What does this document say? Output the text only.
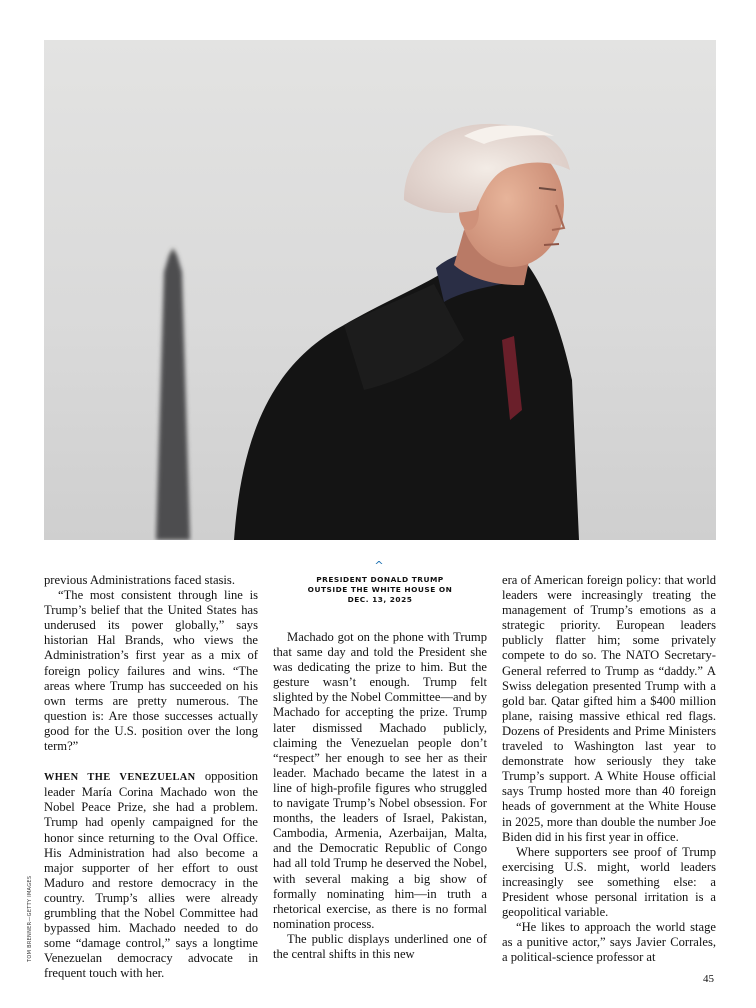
TOM BRENNER—GETTY IMAGES
^
PRESIDENT DONALD TRUMP
OUTSIDE THE WHITE HOUSE ON
DEC. 13, 2025

previous Administrations faced stasis.

“The most consistent through line is Trump’s belief that the United States has underused its power globally,” says historian Hal Brands, who views the Administration’s first year as a mix of foreign policy failures and wins. “The areas where Trump has succeeded on his own terms are pretty numerous. The question is: Are those successes actually good for the U.S. position over the long term?”

WHEN THE VENEZUELAN opposition leader María Corina Machado won the Nobel Peace Prize, she had a problem. Trump had openly campaigned for the honor since returning to the Oval Office. His Administration had also become a major supporter of her effort to oust Maduro and restore democracy in the country. Trump’s allies were already grumbling that the Nobel Committee had bypassed him. Machado needed to do some “damage control,” says a longtime Venezuelan democracy advocate in frequent touch with her.

Machado got on the phone with Trump that same day and told the President she was dedicating the prize to him. But the gesture wasn’t enough. Trump felt slighted by the Nobel Committee—and by Machado for accepting the prize. Trump later dismissed Machado publicly, claiming the Venezuelan people don’t “respect” her enough to see her as their leader. Machado became the latest in a line of high-profile figures who struggled to navigate Trump’s Nobel obsession. For months, the leaders of Israel, Pakistan, Cambodia, Armenia, Azerbaijan, Malta, and the Democratic Republic of Congo had all told Trump he deserved the Nobel, with several making a big show of formally nominating him—in truth a rhetorical exercise, as there is no formal nomination process.

The public displays underlined one of the central shifts in this new

era of American foreign policy: that world leaders were increasingly treating the management of Trump’s emotions as a strategic priority. European leaders publicly flatter him; some privately compete to do so. The NATO Secretary-General referred to Trump as “daddy.” A Swiss delegation presented Trump with a gold bar. Qatar gifted him a $400 million plane, raising massive ethical red flags. Dozens of Presidents and Prime Ministers traveled to Washington last year to demonstrate how seriously they take Trump’s support. A White House official says Trump hosted more than 40 foreign heads of government at the White House in 2025, more than double the number Joe Biden did in his first year in office.

Where supporters see proof of Trump exercising U.S. might, world leaders increasingly see something else: a President whose personal irritation is a geopolitical variable.

“He likes to approach the world stage as a punitive actor,” says Javier Corrales, a political-science professor at

45
